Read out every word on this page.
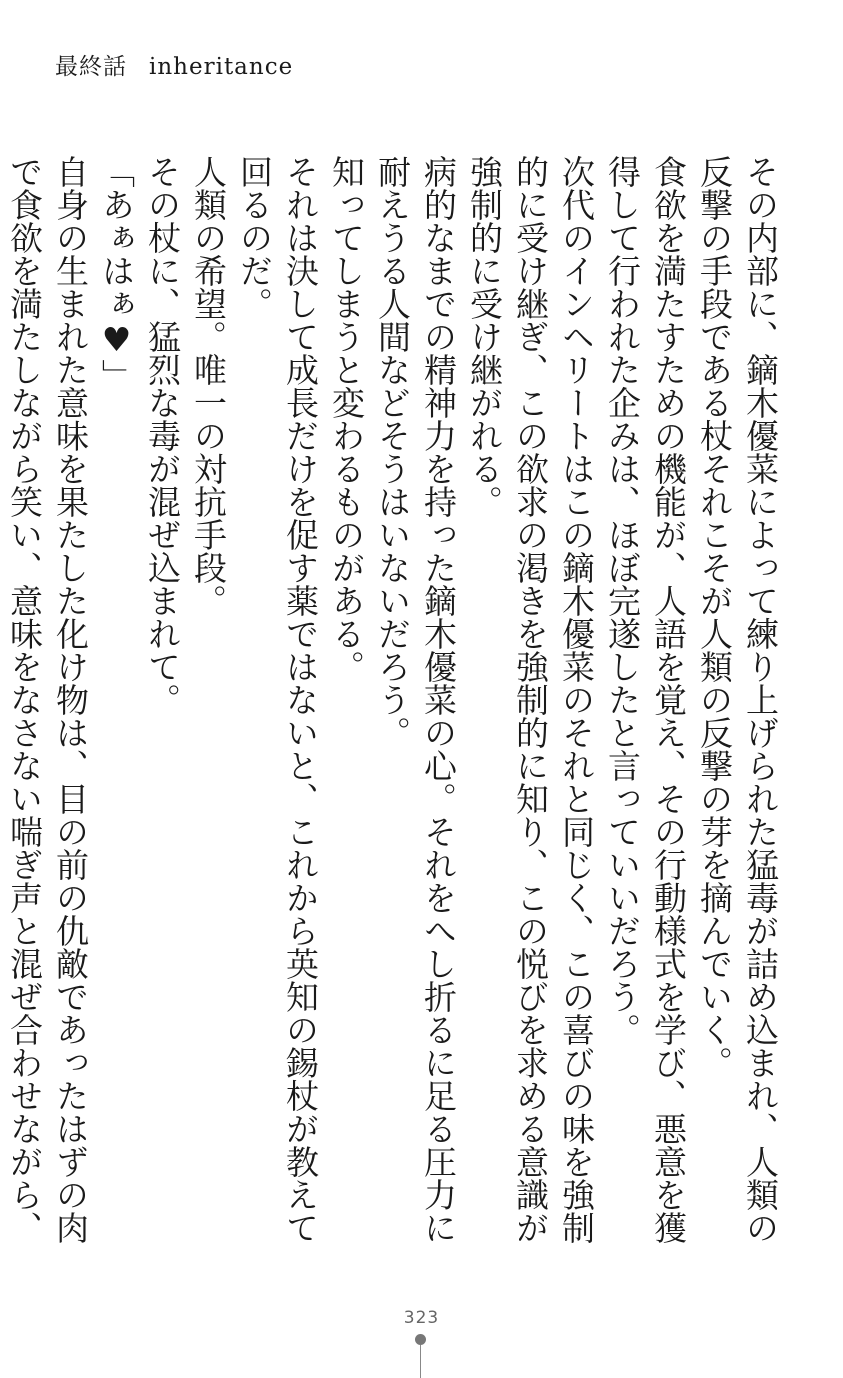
最終話 inheritance

その内部に、鏑木優菜によって練り上げられた猛毒が詰め込まれ、人類の反撃の手段である杖それこそが人類の反撃の芽を摘んでいく。

食欲を満たすための機能が、人語を覚え、その行動様式を学び、悪意を獲得して行われた企みは、ほぼ完遂したと言っていいだろう。

次代のインヘリートはこの鏑木優菜のそれと同じく、この喜びの味を強制的に受け継ぎ、この欲求の渇きを強制的に知り、この悦びを求める意識が強制的に受け継がれる。

病的なまでの精神力を持った鏑木優菜の心。それをへし折るに足る圧力に耐えうる人間などそうはいないだろう。

知ってしまうと変わるものがある。

それは決して成長だけを促す薬ではないと、これから英知の錫杖が教えて回るのだ。

人類の希望。唯一の対抗手段。

その杖に、猛烈な毒が混ぜ込まれて。

「あぁはぁ♥」

自身の生まれた意味を果たした化け物は、目の前の仇敵であったはずの肉で食欲を満たしながら笑い、意味をなさない喘ぎ声と混ぜ合わせながら、

323
